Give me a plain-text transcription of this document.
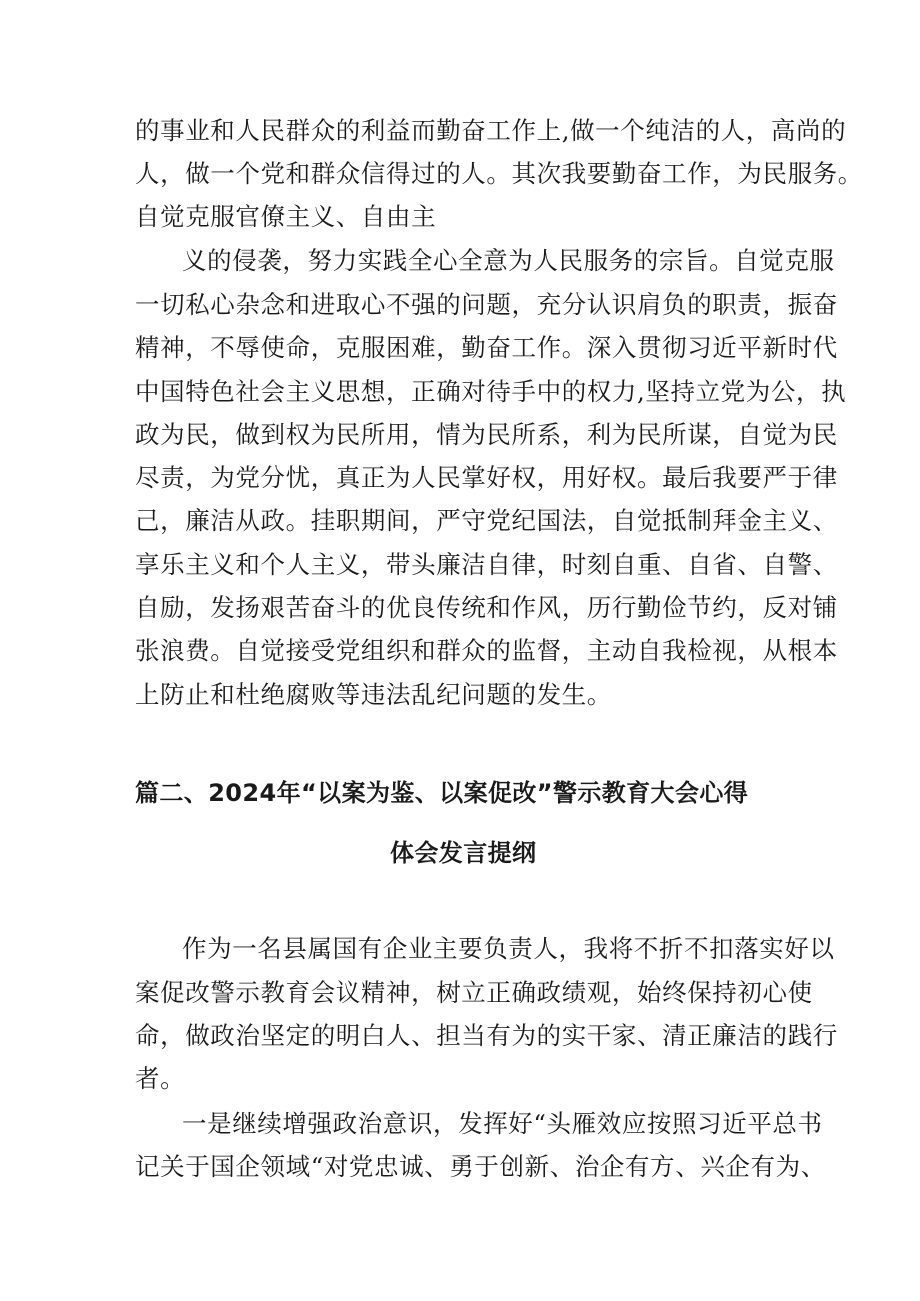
的事业和人民群众的利益而勤奋工作上,做一个纯洁的人，高尚的
人，做一个党和群众信得过的人。其次我要勤奋工作，为民服务。
自觉克服官僚主义、自由主
义的侵袭，努力实践全心全意为人民服务的宗旨。自觉克服
一切私心杂念和进取心不强的问题，充分认识肩负的职责，振奋
精神，不辱使命，克服困难，勤奋工作。深入贯彻习近平新时代
中国特色社会主义思想，正确对待手中的权力,坚持立党为公，执
政为民，做到权为民所用，情为民所系，利为民所谋，自觉为民
尽责，为党分忧，真正为人民掌好权，用好权。最后我要严于律
己，廉洁从政。挂职期间，严守党纪国法，自觉抵制拜金主义、
享乐主义和个人主义，带头廉洁自律，时刻自重、自省、自警、
自励，发扬艰苦奋斗的优良传统和作风，历行勤俭节约，反对铺
张浪费。自觉接受党组织和群众的监督，主动自我检视，从根本
上防止和杜绝腐败等违法乱纪问题的发生。
篇二、2024年“以案为鉴、以案促改”警示教育大会心得
体会发言提纲
作为一名县属国有企业主要负责人，我将不折不扣落实好以
案促改警示教育会议精神，树立正确政绩观，始终保持初心使
命，做政治坚定的明白人、担当有为的实干家、清正廉洁的践行
者。
一是继续增强政治意识，发挥好“头雁效应按照习近平总书
记关于国企领域“对党忠诚、勇于创新、治企有方、兴企有为、
